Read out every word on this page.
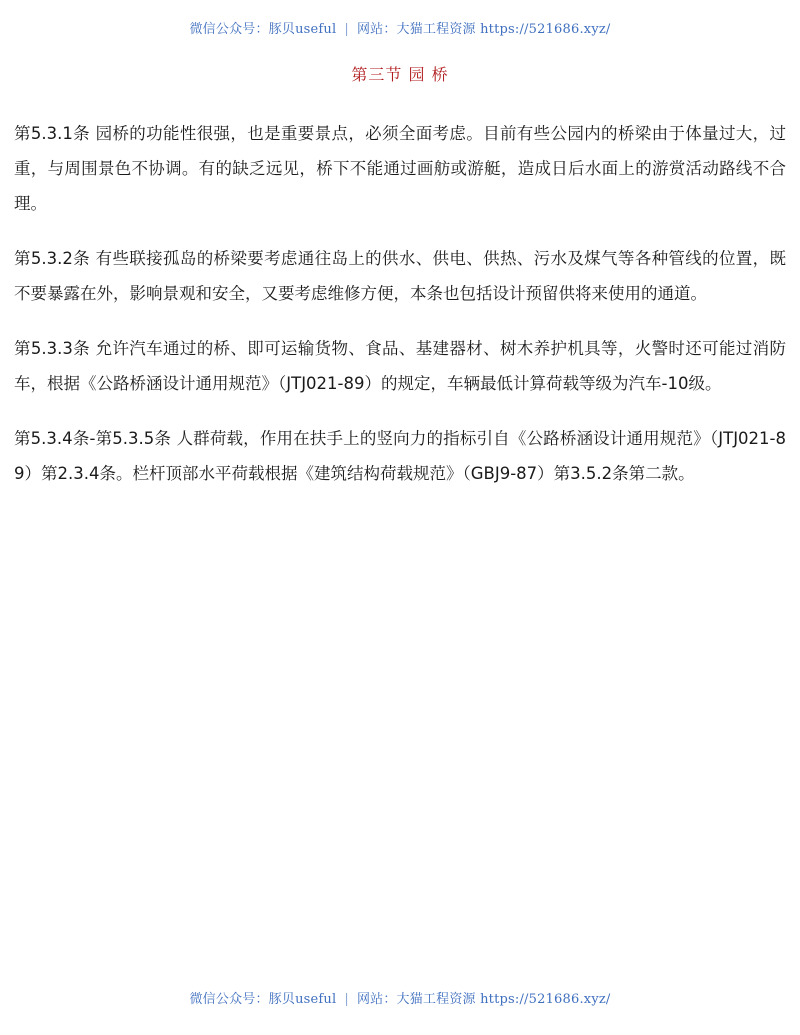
微信公众号：豚贝useful | 网站：大猫工程资源 https://521686.xyz/
第三节 园 桥

第5.3.1条 园桥的功能性很强，也是重要景点，必须全面考虑。目前有些公园内的桥梁由于体量过大，过重，与周围景色不协调。有的缺乏远见，桥下不能通过画舫或游艇，造成日后水面上的游赏活动路线不合理。

第5.3.2条 有些联接孤岛的桥梁要考虑通往岛上的供水、供电、供热、污水及煤气等各种管线的位置，既不要暴露在外，影响景观和安全，又要考虑维修方便，本条也包括设计预留供将来使用的通道。

第5.3.3条 允许汽车通过的桥、即可运输货物、食品、基建器材、树木养护机具等，火警时还可能过消防车，根据《公路桥涵设计通用规范》（JTJ021-89）的规定，车辆最低计算荷载等级为汽车-10级。

第5.3.4条-第5.3.5条 人群荷载，作用在扶手上的竖向力的指标引自《公路桥涵设计通用规范》（JTJ021-89）第2.3.4条。栏杆顶部水平荷载根据《建筑结构荷载规范》（GBJ9-87）第3.5.2条第二款。

微信公众号：豚贝useful | 网站：大猫工程资源 https://521686.xyz/
